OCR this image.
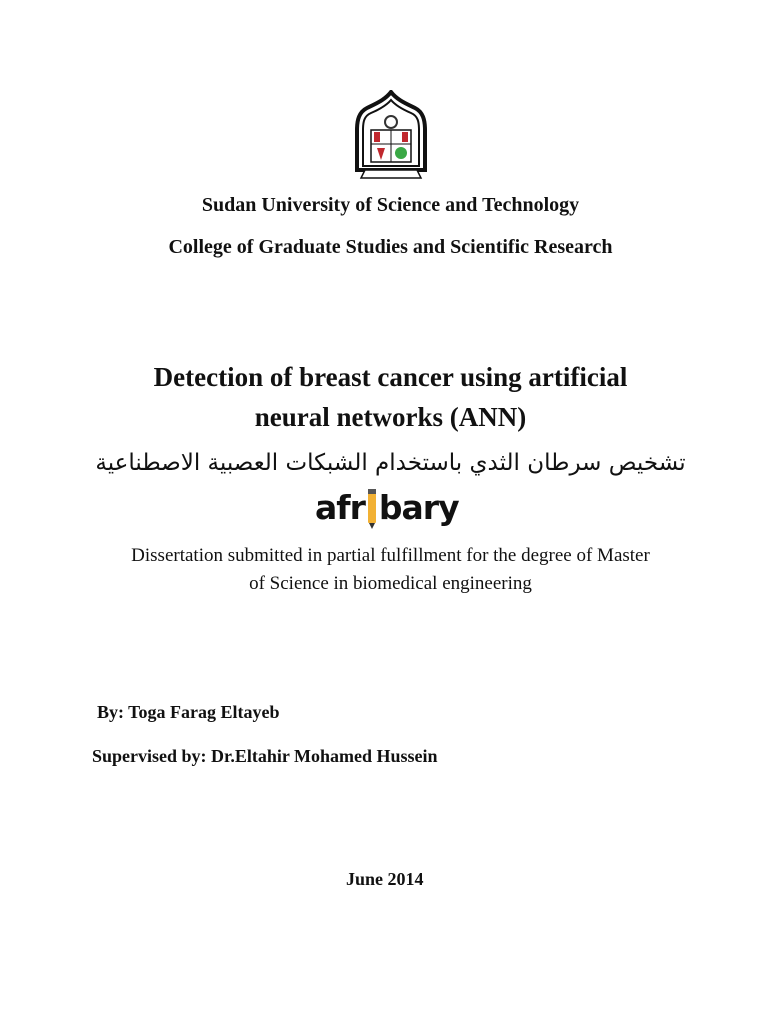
Sudan University of Science and Technology
College of Graduate Studies and Scientific Research
Detection of breast cancer using artificial
neural networks (ANN)
تشخيص سرطان الثدي باستخدام الشبكات العصبية الاصطناعية
afr bary
Dissertation submitted in partial fulfillment for the degree of Master
of Science in biomedical engineering
By: Toga Farag Eltayeb
Supervised by: Dr.Eltahir Mohamed Hussein
June 2014
